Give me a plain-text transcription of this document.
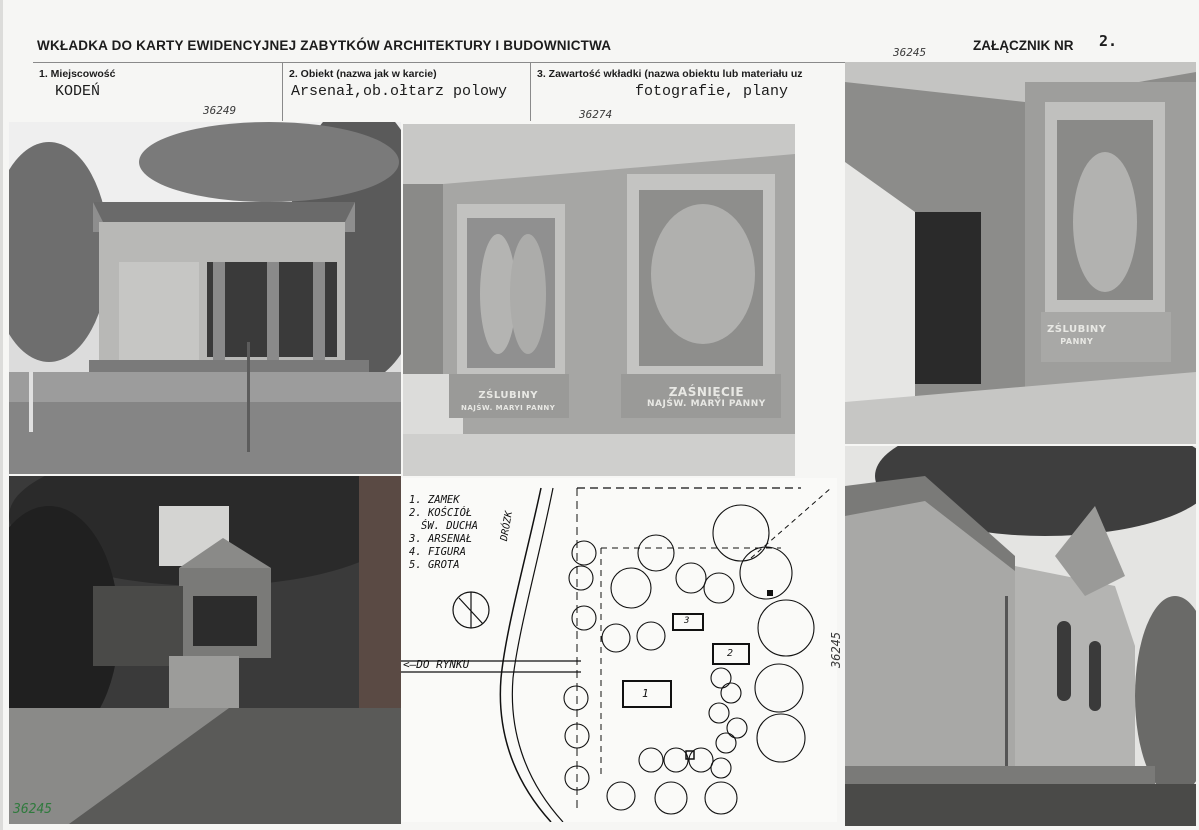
WKŁADKA DO KARTY EWIDENCYJNEJ ZABYTKÓW ARCHITEKTURY I BUDOWNICTWA	ZAŁĄCZNIK NR 2.
36245
1. Miejscowość
KODEŃ
2. Obiekt (nazwa jak w karcie)
Arsenał,ob.ołtarz polowy
3. Zawartość wkładki (nazwa obiektu lub materiału uz
fotografie, plany
36249	36274
ZŚLUBINY
NAJŚW. MARYI PANNY
ZAŚNIĘCIE
NAJŚW. MARYI PANNY
ZŚLUBINY
PANNY
1. ZAMEK
2. KOŚCIÓŁ
ŚW. DUCHA
3. ARSENAŁ
4. FIGURA
5. GROTA
DRÓZK
<–DO RYNKU
1
2
3
36245
36245
